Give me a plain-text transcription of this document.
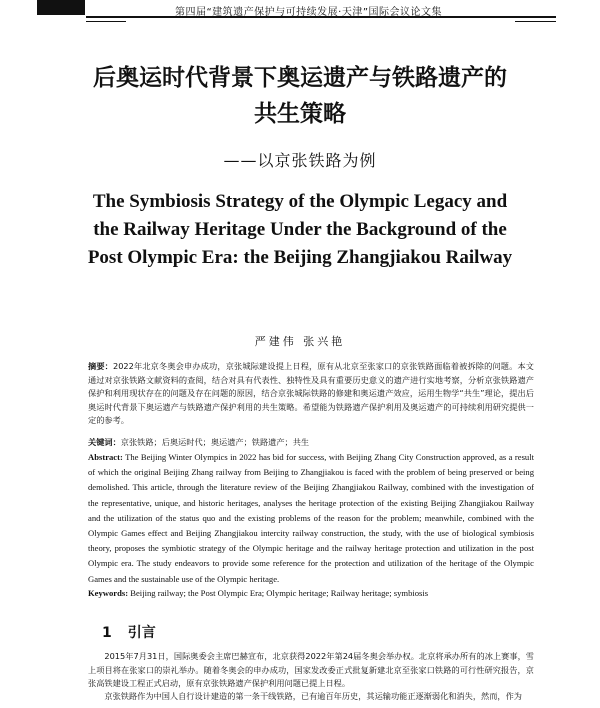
第四届“建筑遗产保护与可持续发展·天津”国际会议论文集
后奥运时代背景下奥运遗产与铁路遗产的
共生策略
——以京张铁路为例
The Symbiosis Strategy of the Olympic Legacy and the Railway Heritage Under the Background of the Post Olympic Era: the Beijing Zhangjiakou Railway
严建伟 张兴艳
摘要：2022年北京冬奥会申办成功，京张城际建设提上日程，原有从北京至张家口的京张铁路面临着被拆除的问题。本文通过对京张铁路文献资料的查阅，结合对具有代表性、独特性及具有重要历史意义的遗产进行实地考察，分析京张铁路遗产保护和利用现状存在的问题及存在问题的原因，结合京张城际铁路的修建和奥运遗产效应，运用生物学“共生”理论，提出后奥运时代背景下奥运遗产与铁路遗产保护利用的共生策略。希望能为铁路遗产保护利用及奥运遗产的可持续利用研究提供一定的参考。
关键词：京张铁路；后奥运时代；奥运遗产；铁路遗产；共生
Abstract: The Beijing Winter Olympics in 2022 has bid for success, with Beijing Zhang City Construction approved, as a result of which the original Beijing Zhang railway from Beijing to Zhangjiakou is faced with the problem of being preserved or being demolished. This article, through the literature review of the Beijing Zhangjiakou Railway, combined with the investigation of the representative, unique, and historic heritages, analyses the heritage protection of the existing Beijing Zhangjiakou Railway and the utilization of the status quo and the existing problems of the reason for the problem; meanwhile, combined with the Olympic Games effect and Beijing Zhangjiakou intercity railway construction, the study, with the use of biological symbiosis theory, proposes the symbiotic strategy of the Olympic heritage and the railway heritage protection and utilization in the post Olympic era. The study endeavors to provide some reference for the protection and utilization of the heritage of the Olympic Games and the sustainable use of the Olympic heritage.
Keywords: Beijing railway; the Post Olympic Era; Olympic heritage; Railway heritage; symbiosis
1 引言
2015年7月31日，国际奥委会主席巴赫宣布，北京获得2022年第24届冬奥会举办权。北京将承办所有的冰上赛事，雪上项目将在张家口的崇礼举办。随着冬奥会的申办成功，国家发改委正式批复新建北京至张家口铁路的可行性研究报告，京张高铁建设工程正式启动，原有京张铁路遗产保护利用问题已提上日程。
京张铁路作为中国人自行设计建造的第一条干线铁路，已有逾百年历史，其运输功能正逐渐弱化和消失，然而，作为
